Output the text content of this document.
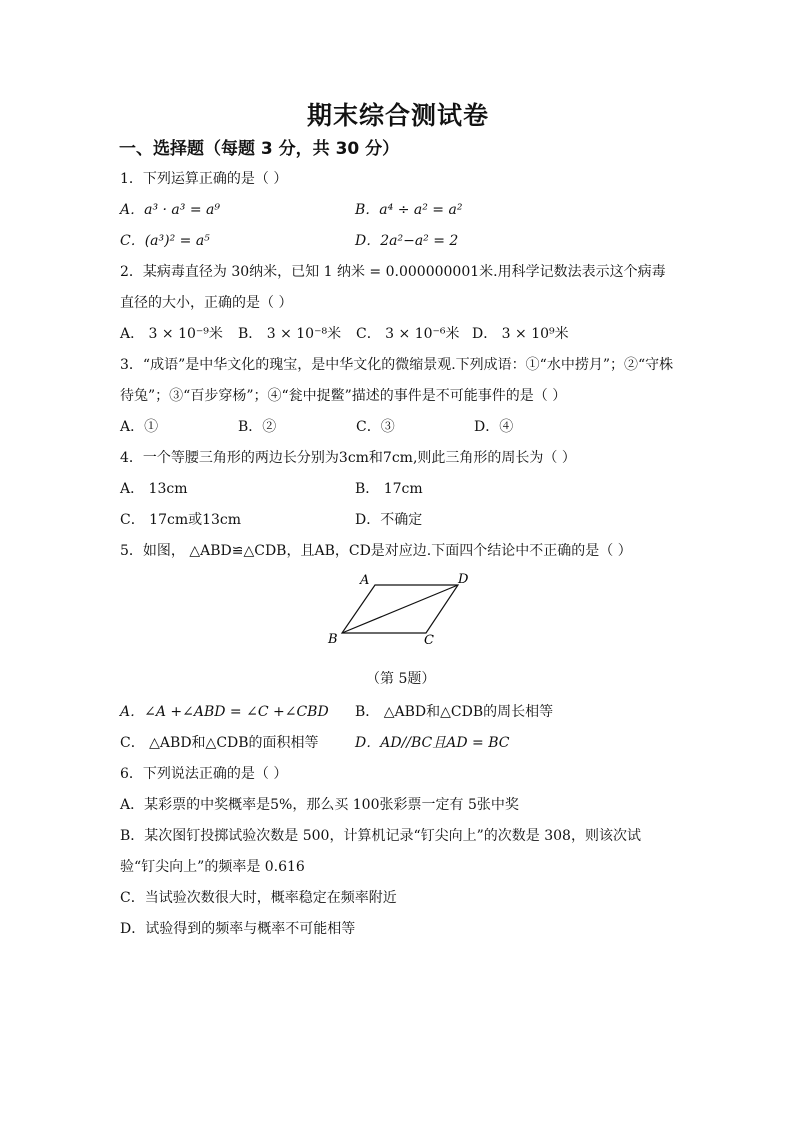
期末综合测试卷
一、选择题（每题 3 分，共 30 分）
1．下列运算正确的是（ ）
A．a³ · a³ = a⁹	B．a⁴ ÷ a² = a²
C．(a³)² = a⁵	D．2a²−a² = 2
2．某病毒直径为 30纳米，已知 1 纳米 = 0.000000001米.用科学记数法表示这个病毒直径的大小，正确的是（ ）
A． 3 × 10⁻⁹米	B． 3 × 10⁻⁸米	C． 3 × 10⁻⁶米 D． 3 × 10⁹米
3．“成语”是中华文化的瑰宝，是中华文化的微缩景观.下列成语：①“水中捞月”；②“守株待兔”；③“百步穿杨”；④“瓮中捉鳖”描述的事件是不可能事件的是（ ）
A．①	B．②	C．③	D．④
4．一个等腰三角形的两边长分别为3cm和7cm,则此三角形的周长为（ ）
A． 13cm	B． 17cm
C． 17cm或13cm	D．不确定
5．如图， △ABD≌△CDB，且AB，CD是对应边.下面四个结论中不正确的是（ ）
A	D
B	C
（第 5题）
A．∠A +∠ABD = ∠C +∠CBD	B． △ABD和△CDB的周长相等
C． △ABD和△CDB的面积相等	D．AD//BC且AD = BC
6．下列说法正确的是（ ）
A．某彩票的中奖概率是5%，那么买 100张彩票一定有 5张中奖
B．某次图钉投掷试验次数是 500，计算机记录“钉尖向上”的次数是 308，则该次试验“钉尖向上”的频率是 0.616
C．当试验次数很大时，概率稳定在频率附近
D．试验得到的频率与概率不可能相等
